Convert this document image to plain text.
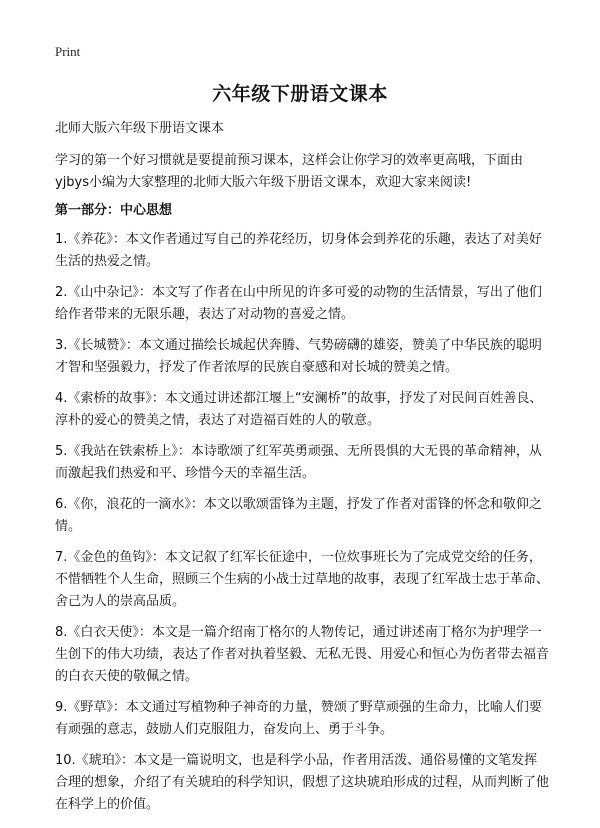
Print
六年级下册语文课本
北师大版六年级下册语文课本

学习的第一个好习惯就是要提前预习课本，这样会让你学习的效率更高哦，下面由yjbys小编为大家整理的北师大版六年级下册语文课本，欢迎大家来阅读!

第一部分：中心思想
1.《养花》：本文作者通过写自己的养花经历，切身体会到养花的乐趣，表达了对美好生活的热爱之情。
2.《山中杂记》：本文写了作者在山中所见的许多可爱的动物的生活情景，写出了他们给作者带来的无限乐趣，表达了对动物的喜爱之情。
3.《长城赞》：本文通过描绘长城起伏奔腾、气势磅礴的雄姿，赞美了中华民族的聪明才智和坚强毅力，抒发了作者浓厚的民族自豪感和对长城的赞美之情。
4.《索桥的故事》：本文通过讲述都江堰上“安澜桥”的故事，抒发了对民间百姓善良、淳朴的爱心的赞美之情，表达了对造福百姓的人的敬意。
5.《我站在铁索桥上》：本诗歌颂了红军英勇顽强、无所畏惧的大无畏的革命精神，从而激起我们热爱和平、珍惜今天的幸福生活。
6.《你，浪花的一滴水》：本文以歌颂雷锋为主题，抒发了作者对雷锋的怀念和敬仰之情。
7.《金色的鱼钩》：本文记叙了红军长征途中，一位炊事班长为了完成党交给的任务，不惜牺牲个人生命，照顾三个生病的小战士过草地的故事，表现了红军战士忠于革命、舍己为人的崇高品质。
8.《白衣天使》：本文是一篇介绍南丁格尔的人物传记，通过讲述南丁格尔为护理学一生创下的伟大功绩，表达了作者对执着坚毅、无私无畏、用爱心和恒心为伤者带去福音的白衣天使的敬佩之情。
9.《野草》：本文通过写植物种子神奇的力量，赞颂了野草顽强的生命力，比喻人们要有顽强的意志，鼓励人们克服阻力，奋发向上、勇于斗争。
10.《琥珀》：本文是一篇说明文，也是科学小品，作者用活泼、通俗易懂的文笔发挥合理的想象，介绍了有关琥珀的科学知识，假想了这块琥珀形成的过程，从而判断了他在科学上的价值。
